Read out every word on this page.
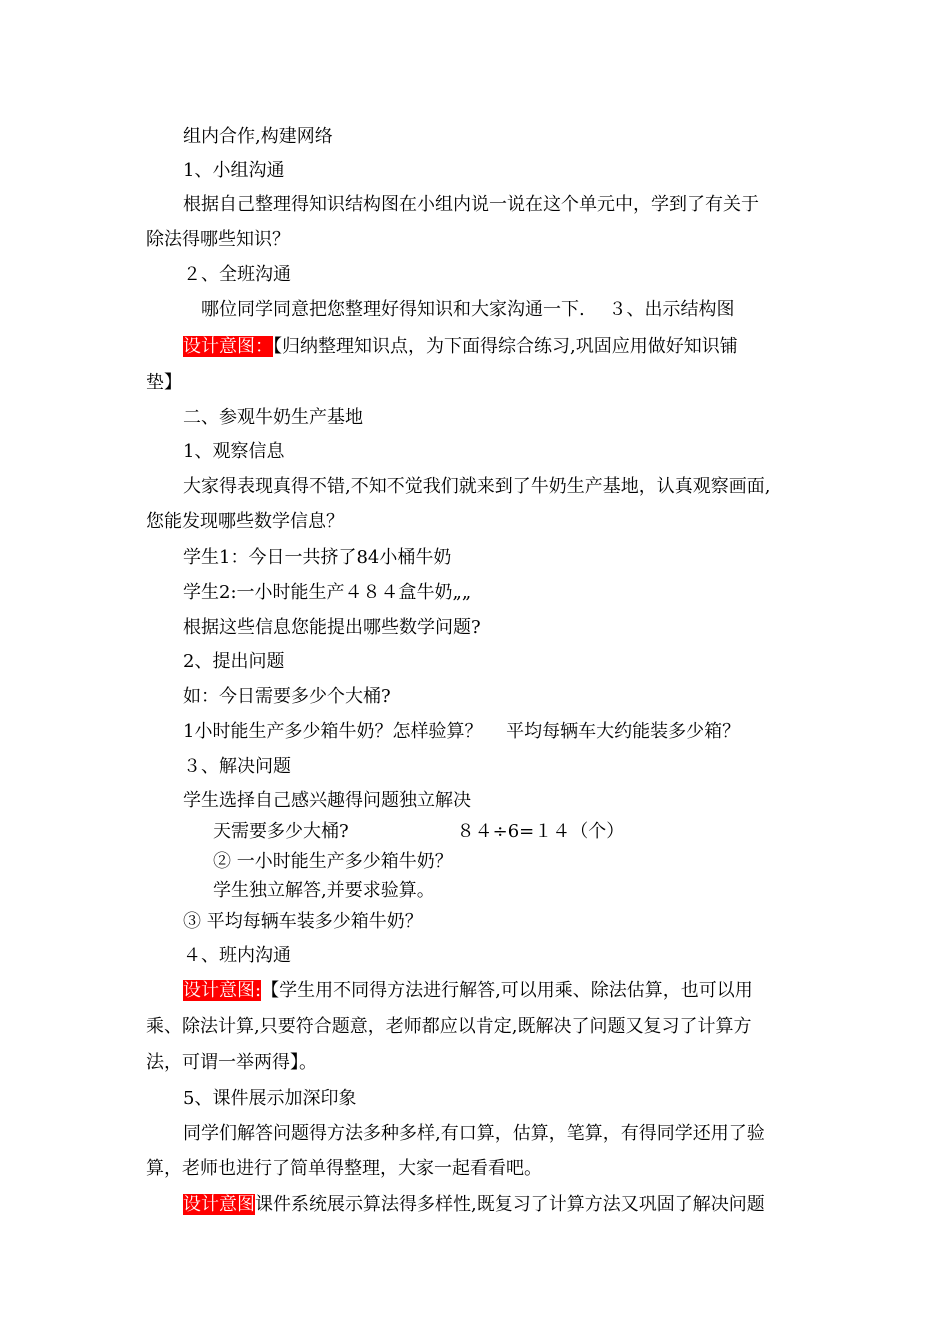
组内合作,构建网络
1、小组沟通
根据自己整理得知识结构图在小组内说一说在这个单元中，学到了有关于
除法得哪些知识？
２、全班沟通
哪位同学同意把您整理好得知识和大家沟通一下.　 ３、出示结构图
设计意图：【归纳整理知识点，为下面得综合练习,巩固应用做好知识铺
垫】
二、参观牛奶生产基地
1、观察信息
大家得表现真得不错,不知不觉我们就来到了牛奶生产基地，认真观察画面,
您能发现哪些数学信息？
学生1：今日一共挤了84小桶牛奶
学生2:一小时能生产４８４盒牛奶„„
根据这些信息您能提出哪些数学问题?
2、提出问题
如：今日需要多少个大桶?
1小时能生产多少箱牛奶？怎样验算？　 平均每辆车大约能装多少箱？
３、解决问题
学生选择自己感兴趣得问题独立解决
天需要多少大桶?　　　　　　８４÷6=１４（个）
② 一小时能生产多少箱牛奶？
学生独立解答,并要求验算。
③ 平均每辆车装多少箱牛奶？
４、班内沟通
设计意图:【学生用不同得方法进行解答,可以用乘、除法估算，也可以用
乘、除法计算,只要符合题意，老师都应以肯定,既解决了问题又复习了计算方
法，可谓一举两得】。
5、课件展示加深印象
同学们解答问题得方法多种多样,有口算，估算，笔算，有得同学还用了验
算，老师也进行了简单得整理，大家一起看看吧。
设计意图课件系统展示算法得多样性,既复习了计算方法又巩固了解决问题
